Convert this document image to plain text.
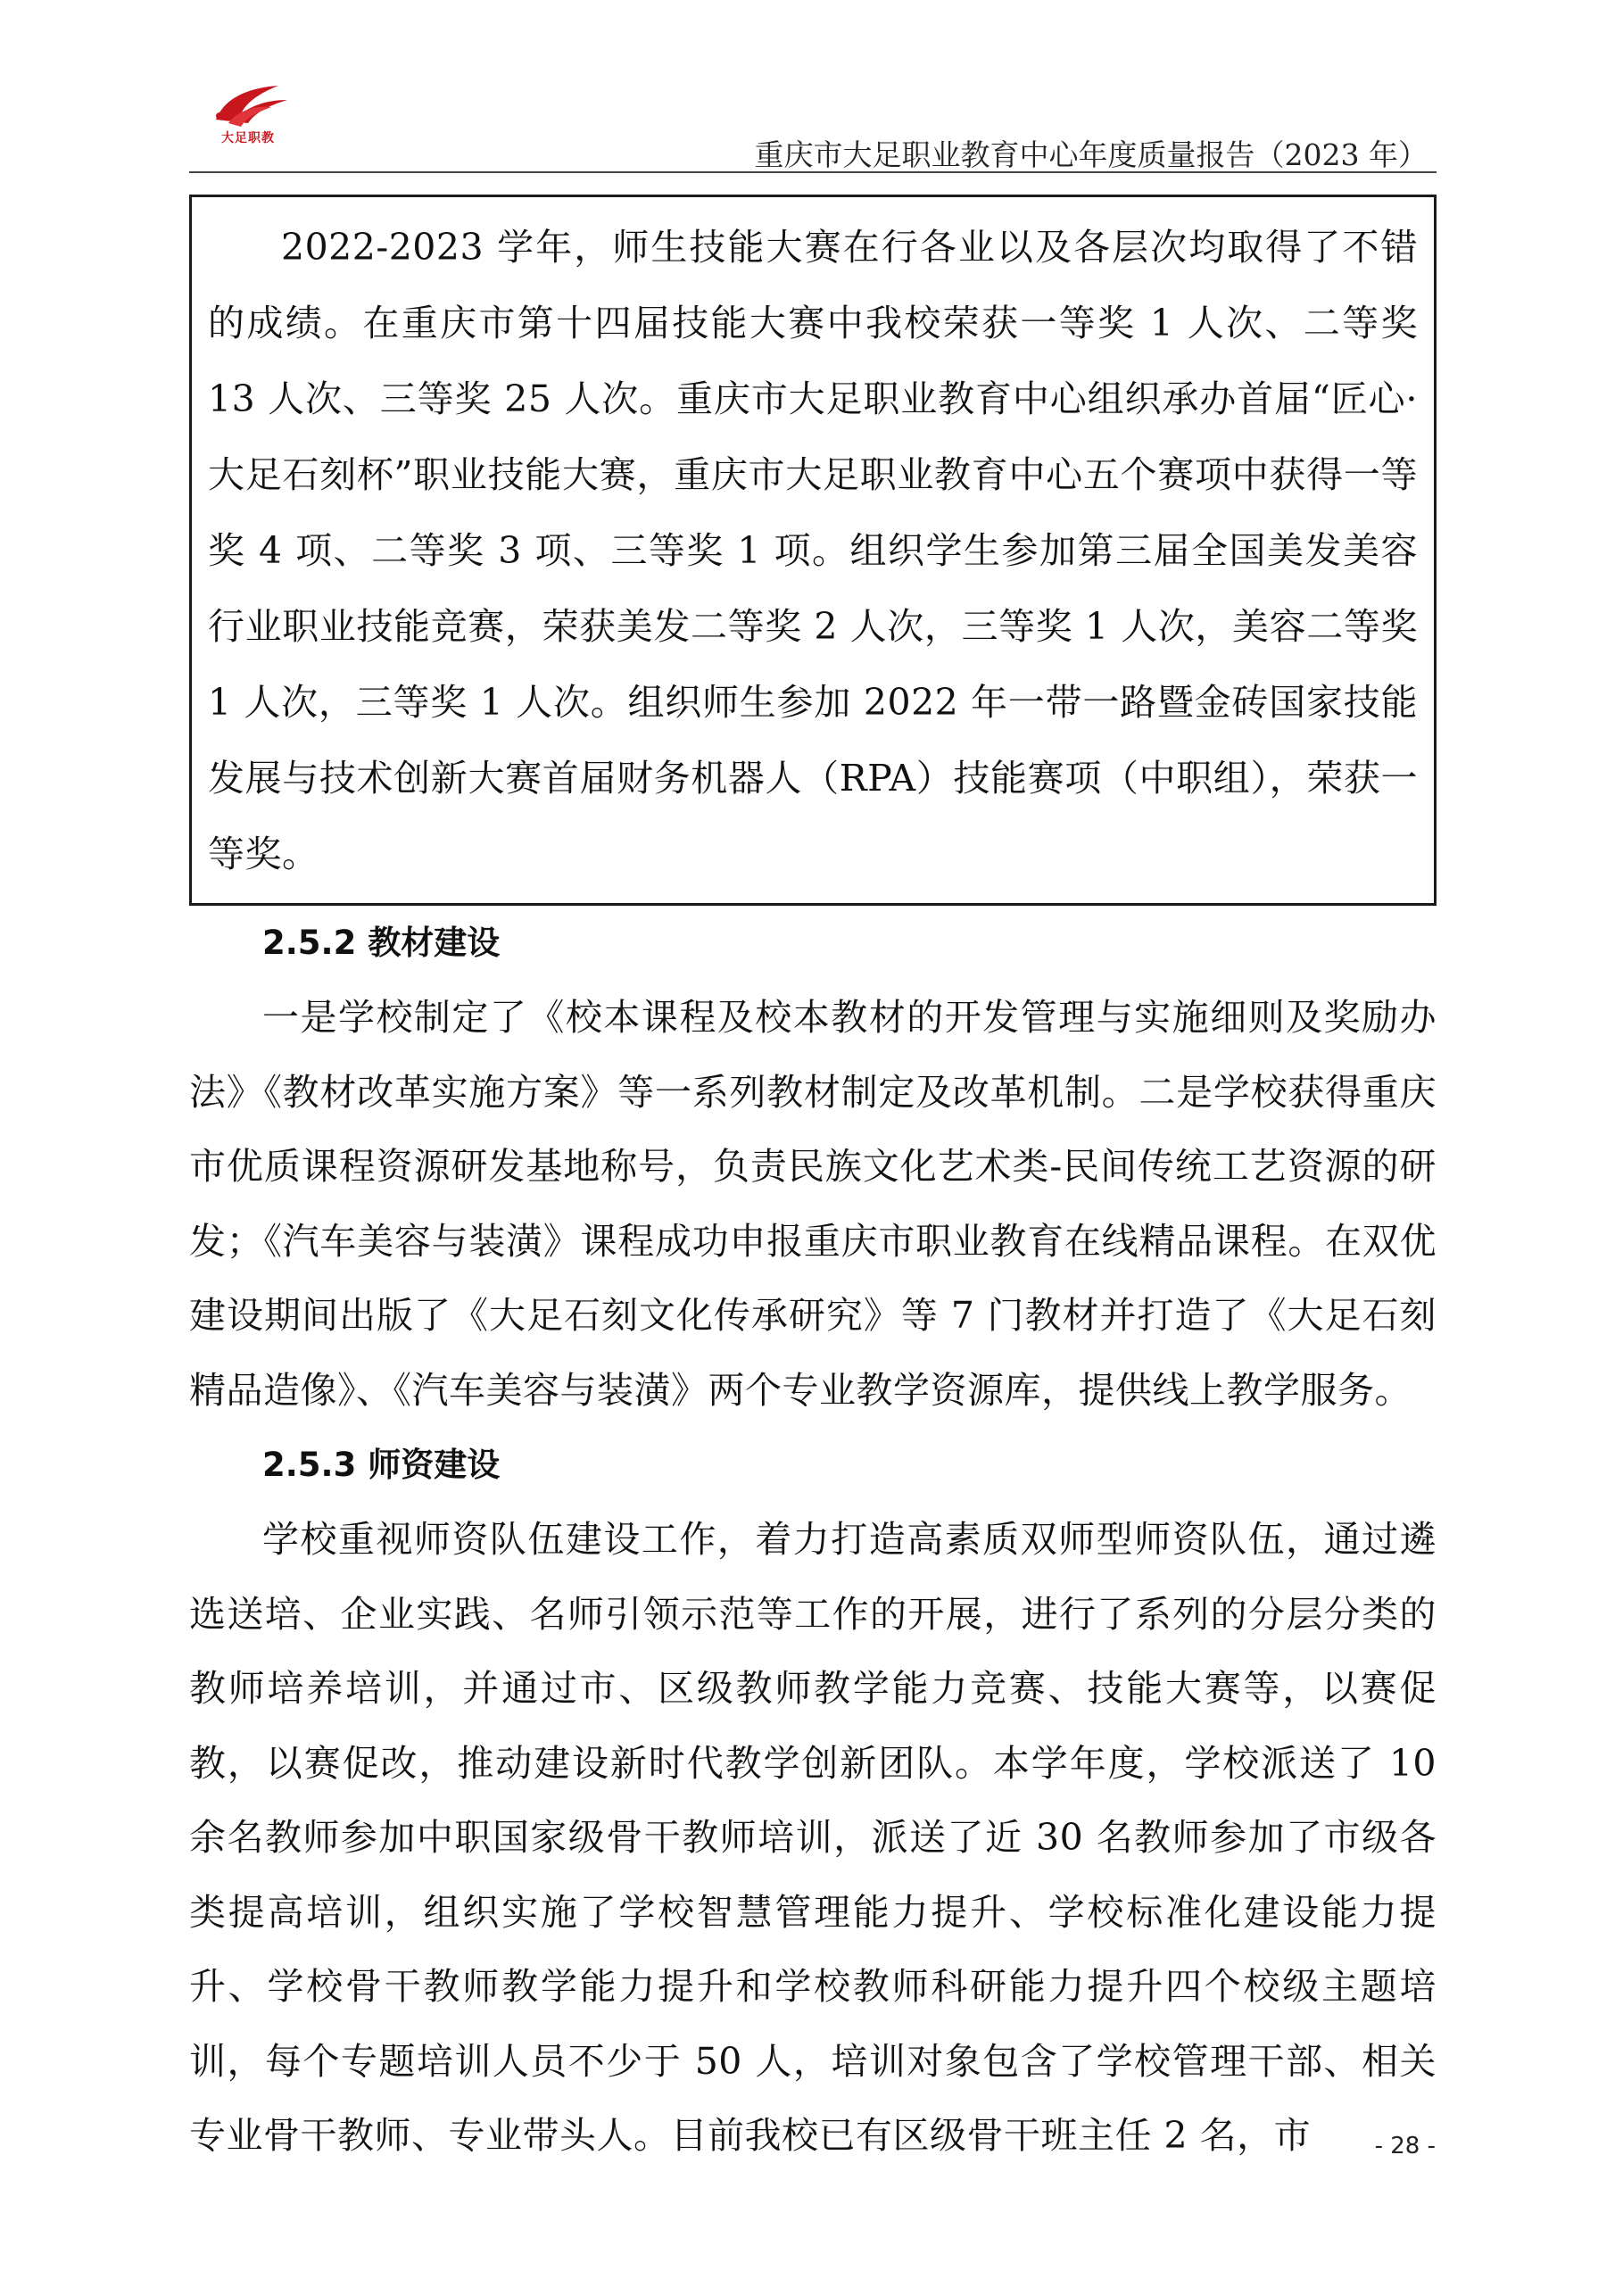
大足职教	重庆市大足职业教育中心年度质量报告（2023 年）

2022-2023 学年，师生技能大赛在行各业以及各层次均取得了不错的成绩。在重庆市第十四届技能大赛中我校荣获一等奖 1 人次、二等奖 13 人次、三等奖 25 人次。重庆市大足职业教育中心组织承办首届“匠心·大足石刻杯”职业技能大赛，重庆市大足职业教育中心五个赛项中获得一等奖 4 项、二等奖 3 项、三等奖 1 项。组织学生参加第三届全国美发美容行业职业技能竞赛，荣获美发二等奖 2 人次，三等奖 1 人次，美容二等奖 1 人次，三等奖 1 人次。组织师生参加 2022 年一带一路暨金砖国家技能发展与技术创新大赛首届财务机器人（RPA）技能赛项（中职组），荣获一等奖。

2.5.2 教材建设

一是学校制定了《校本课程及校本教材的开发管理与实施细则及奖励办法》《教材改革实施方案》等一系列教材制定及改革机制。二是学校获得重庆市优质课程资源研发基地称号，负责民族文化艺术类-民间传统工艺资源的研发；《汽车美容与装潢》课程成功申报重庆市职业教育在线精品课程。在双优建设期间出版了《大足石刻文化传承研究》等 7 门教材并打造了《大足石刻精品造像》、《汽车美容与装潢》两个专业教学资源库，提供线上教学服务。

2.5.3 师资建设

学校重视师资队伍建设工作，着力打造高素质双师型师资队伍，通过遴选送培、企业实践、名师引领示范等工作的开展，进行了系列的分层分类的教师培养培训，并通过市、区级教师教学能力竞赛、技能大赛等，以赛促教，以赛促改，推动建设新时代教学创新团队。本学年度，学校派送了 10 余名教师参加中职国家级骨干教师培训，派送了近 30 名教师参加了市级各类提高培训，组织实施了学校智慧管理能力提升、学校标准化建设能力提升、学校骨干教师教学能力提升和学校教师科研能力提升四个校级主题培训，每个专题培训人员不少于 50 人，培训对象包含了学校管理干部、相关专业骨干教师、专业带头人。目前我校已有区级骨干班主任 2 名，市	- 28 -
